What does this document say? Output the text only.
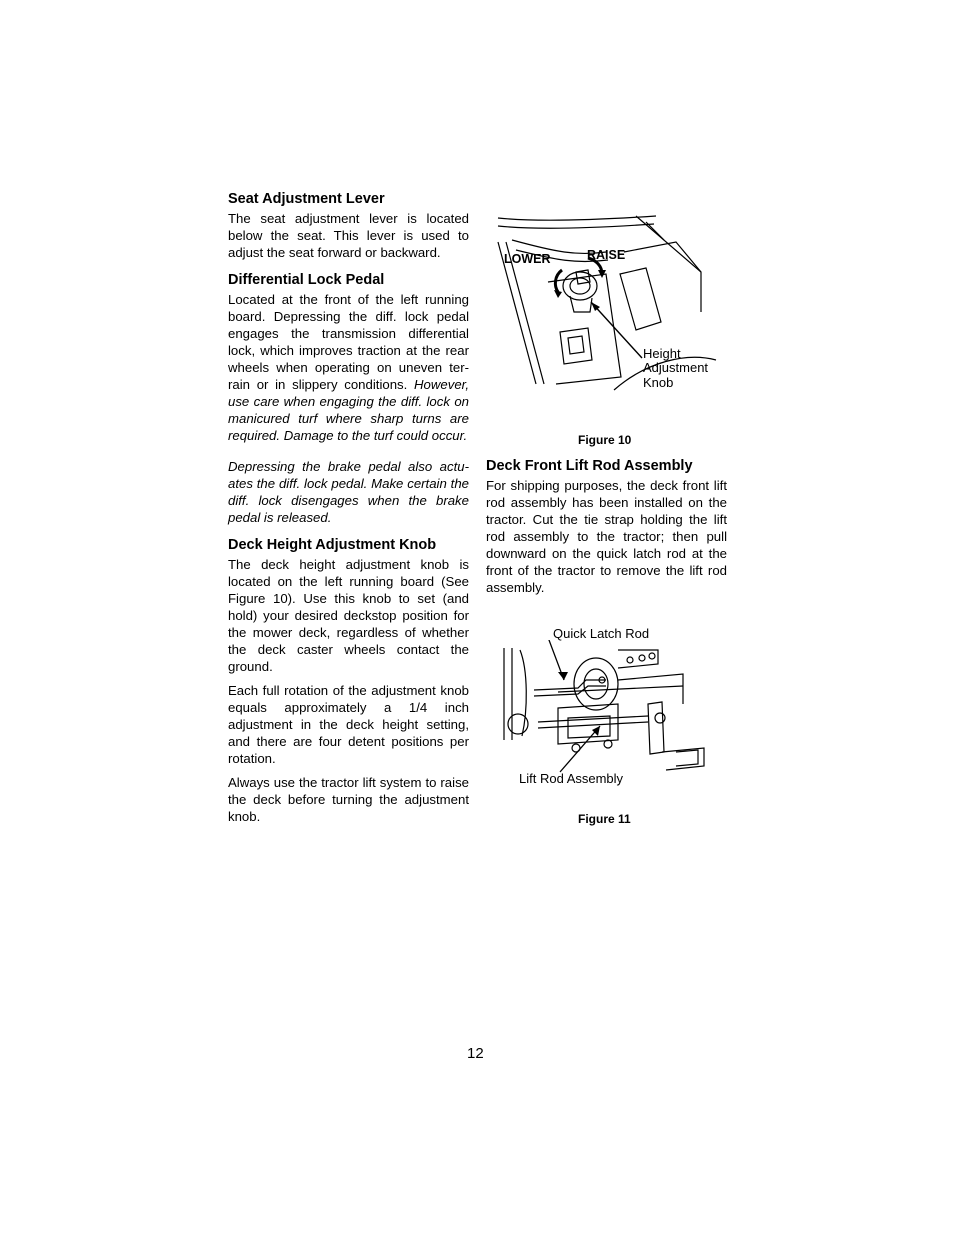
Seat Adjustment Lever

The seat adjustment lever is located below the seat. This lever is used to adjust the seat forward or backward.

Differential Lock Pedal

Located at the front of the left running board. Depressing the diff. lock pedal engages the transmission differential lock, which improves traction at the rear wheels when operating on uneven ter-rain or in slippery conditions. However, use care when engaging the diff. lock on manicured turf where sharp turns are required. Damage to the turf could occur.

Depressing the brake pedal also actu-ates the diff. lock pedal. Make certain the diff. lock disengages when the brake pedal is released.

Deck Height Adjustment Knob

The deck height adjustment knob is located on the left running board (See Figure 10). Use this knob to set (and hold) your desired deckstop position for the mower deck, regardless of whether the deck caster wheels contact the ground.

Each full rotation of the adjustment knob equals approximately a 1/4 inch adjustment in the deck height setting, and there are four detent positions per rotation.

Always use the tractor lift system to raise the deck before turning the adjustment knob.

LOWER	RAISE
Height
Adjustment
Knob
Figure 10
Deck Front Lift Rod Assembly

For shipping purposes, the deck front lift rod assembly has been installed on the tractor. Cut the tie strap holding the lift rod assembly to the tractor; then pull downward on the quick latch rod at the front of the tractor to remove the lift rod assembly.

Quick Latch Rod
Lift Rod Assembly
Figure 11
12
